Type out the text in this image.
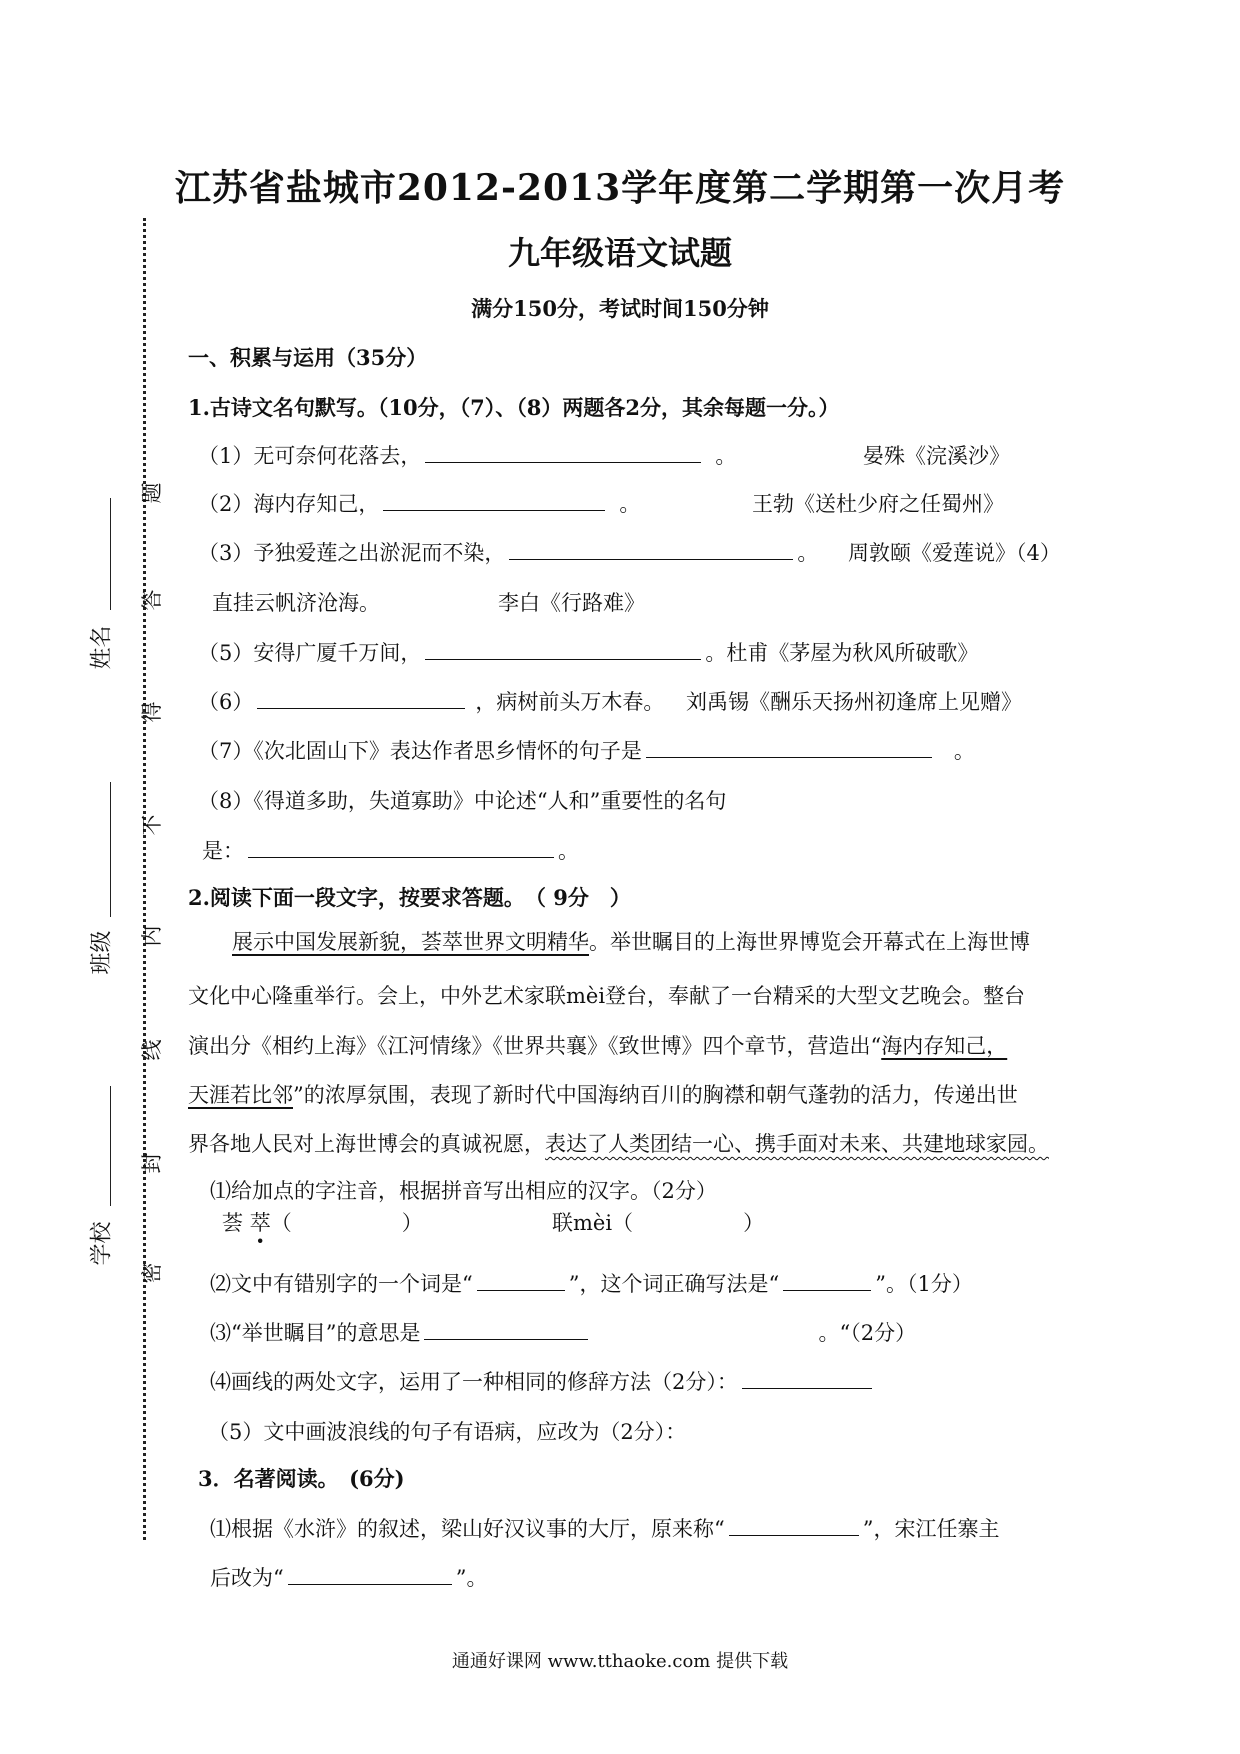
题
答
得
不
内
线
封
密
姓名
班级
学校
江苏省盐城市2012-2013学年度第二学期第一次月考
九年级语文试题
满分150分，考试时间150分钟
一、积累与运用（35分）
1.古诗文名句默写。（10分，（7）、（8）两题各2分，其余每题一分。）
（1）无可奈何花落去，	。	晏殊《浣溪沙》
（2）海内存知己，	。	王勃《送杜少府之任蜀州》
（3）予独爱莲之出淤泥而不染，	。 周敦颐《爱莲说》（4）
直挂云帆济沧海。	李白《行路难》
（5）安得广厦千万间，	。杜甫《茅屋为秋风所破歌》
（6）	，病树前头万木春。 刘禹锡《酬乐天扬州初逢席上见赠》
（7）《次北固山下》表达作者思乡情怀的句子是	。
（8）《得道多助，失道寡助》中论述“人和”重要性的名句
是：	。
2.阅读下面一段文字，按要求答题。　（ 9分　）
展示中国发展新貌，荟萃世界文明精华。举世瞩目的上海世界博览会开幕式在上海世博
文化中心隆重举行。会上，中外艺术家联mèi登台，奉献了一台精采的大型文艺晚会。整台
演出分《相约上海》《江河情缘》《世界共襄》《致世博》四个章节，营造出“海内存知己，
天涯若比邻”的浓厚氛围，表现了新时代中国海纳百川的胸襟和朝气蓬勃的活力，传递出世
界各地人民对上海世博会的真诚祝愿，表达了人类团结一心、携手面对未来、共建地球家园。
⑴给加点的字注音，根据拼音写出相应的汉字。（2分）
荟 萃（	）	联mèi（	）
⑵文中有错别字的一个词是“	”，这个词正确写法是“	”。（1分）
⑶“举世瞩目”的意思是	。“（2分）
⑷画线的两处文字，运用了一种相同的修辞方法（2分）：
（5）文中画波浪线的句子有语病，应改为（2分）：
3．名著阅读。　(6分)
⑴根据《水浒》的叙述，梁山好汉议事的大厅，原来称“	”，宋江任寨主
后改为“	”。
通通好课网 www.tthaoke.com 提供下载
